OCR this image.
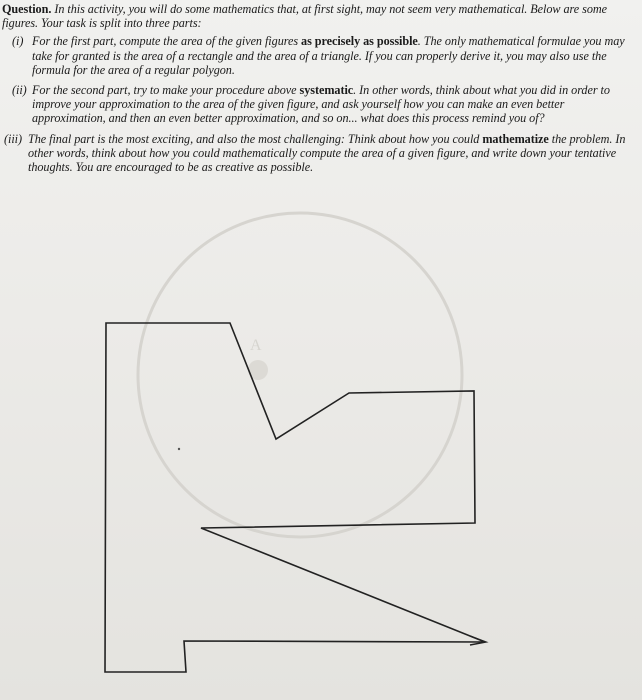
Question. In this activity, you will do some mathematics that, at first sight, may not seem very mathematical. Below are some figures. Your task is split into three parts:

(i) For the first part, compute the area of the given figures as precisely as possible. The only mathematical formulae you may take for granted is the area of a rectangle and the area of a triangle. If you can properly derive it, you may also use the formula for the area of a regular polygon.
(ii) For the second part, try to make your procedure above systematic. In other words, think about what you did in order to improve your approximation to the area of the given figure, and ask yourself how you can make an even better approximation, and then an even better approximation, and so on... what does this process remind you of?
(iii) The final part is the most exciting, and also the most challenging: Think about how you could mathematize the problem. In other words, think about how you could mathematically compute the area of a given figure, and write down your tentative thoughts. You are encouraged to be as creative as possible.
A
